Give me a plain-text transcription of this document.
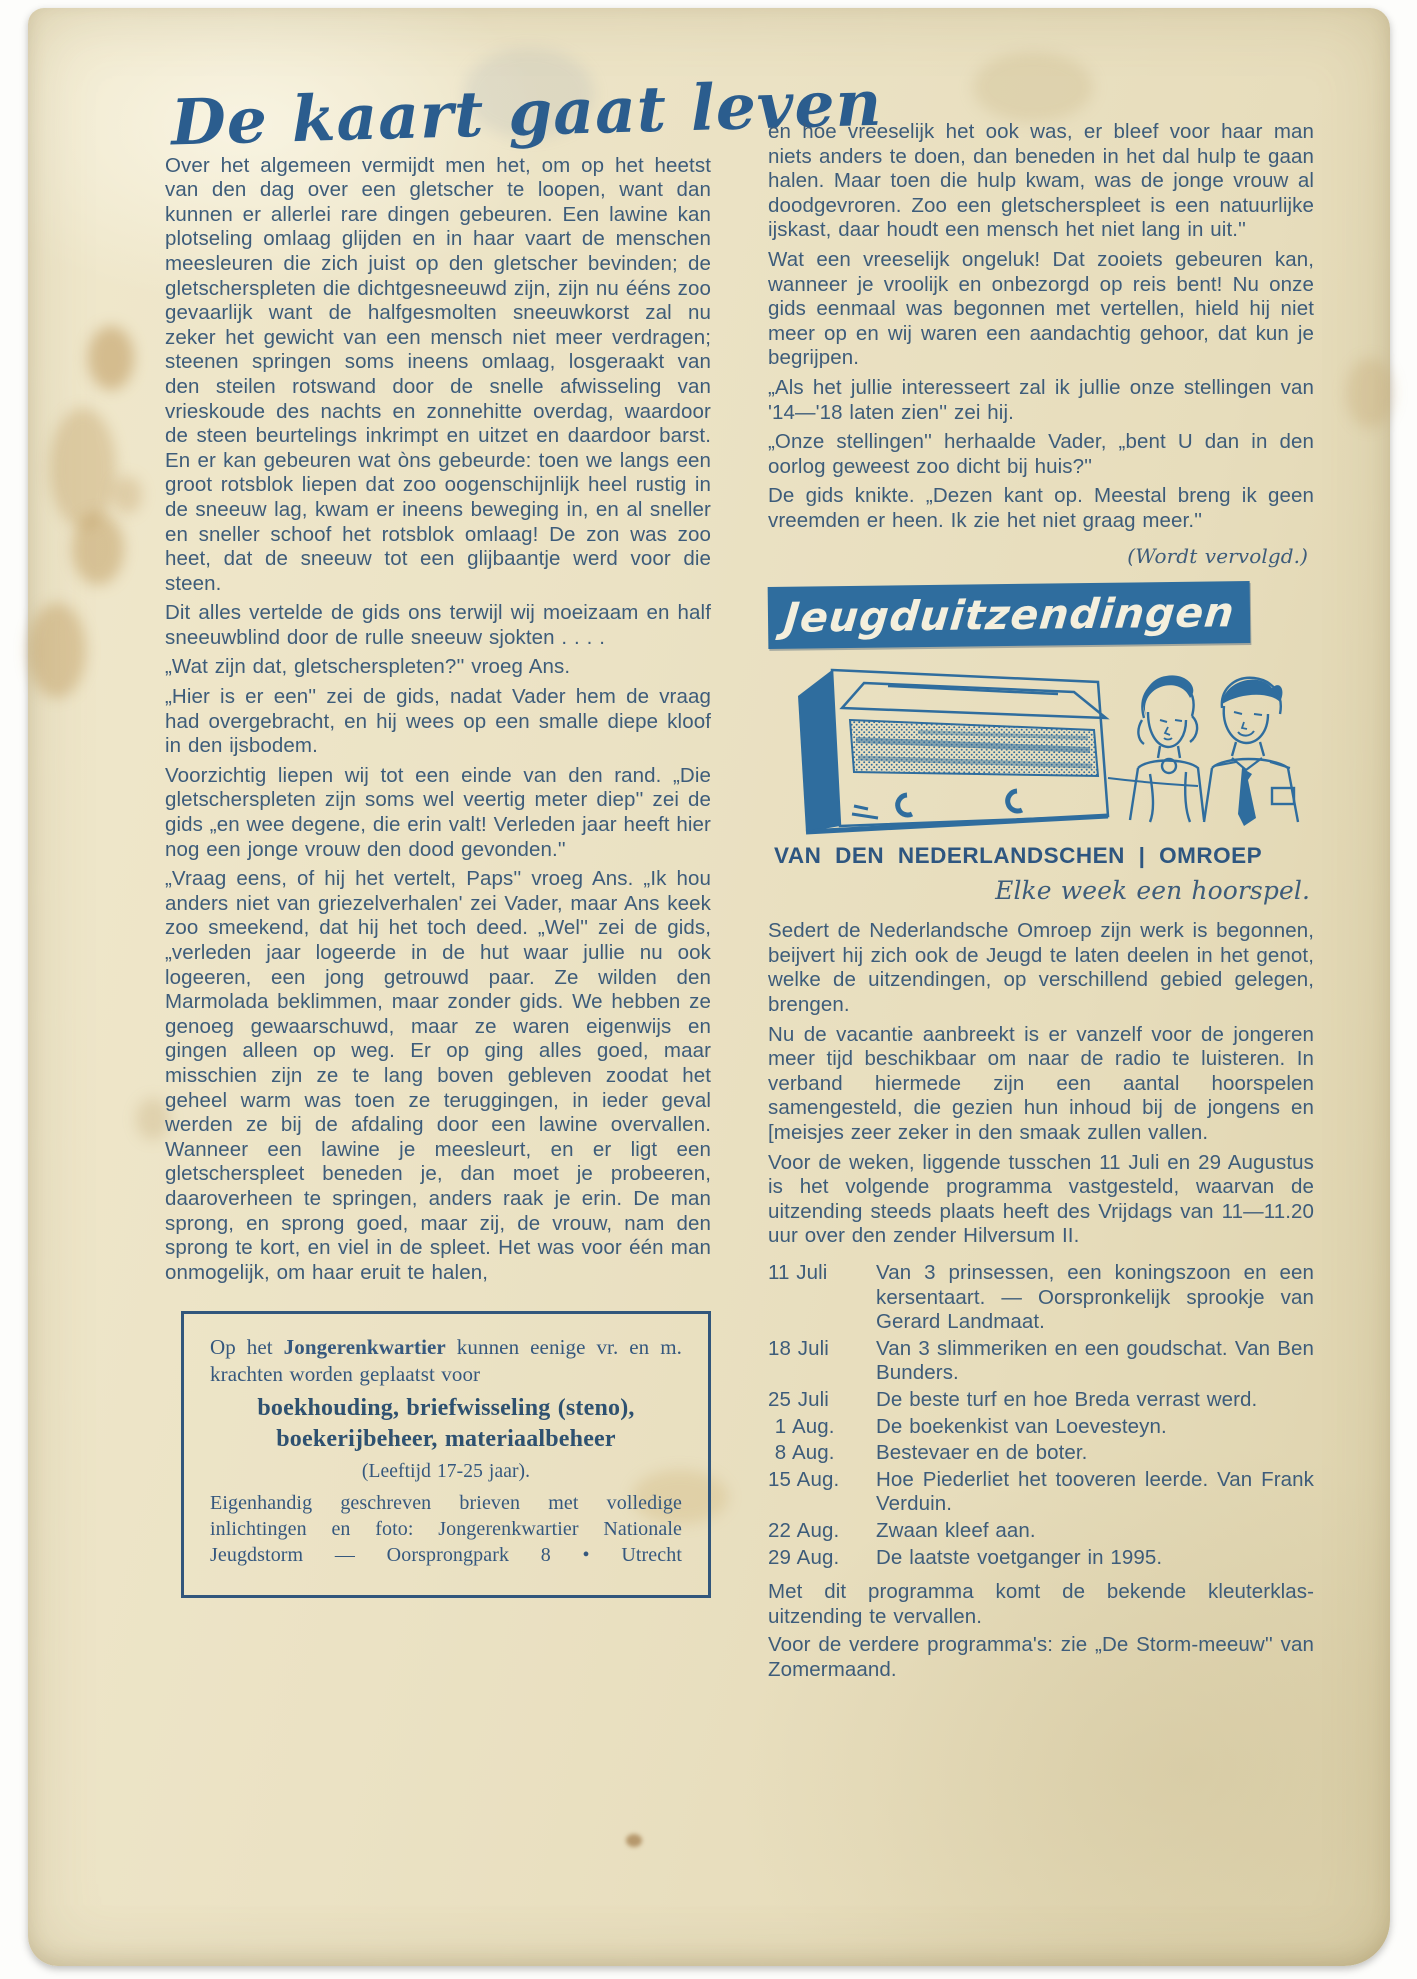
De kaart gaat leven

Over het algemeen vermijdt men het, om op het heetst van den dag over een gletscher te loopen, want dan kunnen er allerlei rare dingen gebeuren. Een lawine kan plotseling omlaag glijden en in haar vaart de menschen meesleuren die zich juist op den gletscher bevinden; de gletscherspleten die dichtgesneeuwd zijn, zijn nu ééns zoo gevaarlijk want de halfgesmolten sneeuwkorst zal nu zeker het gewicht van een mensch niet meer verdragen; steenen springen soms ineens omlaag, losgeraakt van den steilen rotswand door de snelle afwisseling van vrieskoude des nachts en zonnehitte overdag, waardoor de steen beurtelings inkrimpt en uitzet en daardoor barst. En er kan gebeuren wat òns gebeurde: toen we langs een groot rotsblok liepen dat zoo oogenschijnlijk heel rustig in de sneeuw lag, kwam er ineens beweging in, en al sneller en sneller schoof het rotsblok omlaag! De zon was zoo heet, dat de sneeuw tot een glijbaantje werd voor die steen.

Dit alles vertelde de gids ons terwijl wij moeizaam en half sneeuwblind door de rulle sneeuw sjokten . . . .

„Wat zijn dat, gletscherspleten?'' vroeg Ans.

„Hier is er een'' zei de gids, nadat Vader hem de vraag had overgebracht, en hij wees op een smalle diepe kloof in den ijsbodem.

Voorzichtig liepen wij tot een einde van den rand. „Die gletscherspleten zijn soms wel veertig meter diep'' zei de gids „en wee degene, die erin valt! Verleden jaar heeft hier nog een jonge vrouw den dood gevonden.''

„Vraag eens, of hij het vertelt, Paps'' vroeg Ans. „Ik hou anders niet van griezelverhalen' zei Vader, maar Ans keek zoo smeekend, dat hij het toch deed. „Wel'' zei de gids, „verleden jaar logeerde in de hut waar jullie nu ook logeeren, een jong getrouwd paar. Ze wilden den Marmolada beklimmen, maar zonder gids. We hebben ze genoeg gewaarschuwd, maar ze waren eigenwijs en gingen alleen op weg. Er op ging alles goed, maar misschien zijn ze te lang boven gebleven zoodat het geheel warm was toen ze teruggingen, in ieder geval werden ze bij de afdaling door een lawine overvallen. Wanneer een lawine je meesleurt, en er ligt een gletscherspleet beneden je, dan moet je probeeren, daaroverheen te springen, anders raak je erin. De man sprong, en sprong goed, maar zij, de vrouw, nam den sprong te kort, en viel in de spleet. Het was voor één man onmogelijk, om haar eruit te halen,

Op het Jongerenkwartier kunnen eenige vr. en m. krachten worden geplaatst voor

boekhouding, briefwisseling (steno),
boekerijbeheer, materiaalbeheer

(Leeftijd 17-25 jaar).

Eigenhandig geschreven brieven met volledige inlichtingen en foto: Jongerenkwartier Nationale Jeugdstorm — Oorsprongpark 8 • Utrecht

en hoe vreeselijk het ook was, er bleef voor haar man niets anders te doen, dan beneden in het dal hulp te gaan halen. Maar toen die hulp kwam, was de jonge vrouw al doodgevroren. Zoo een gletscherspleet is een natuurlijke ijskast, daar houdt een mensch het niet lang in uit.''

Wat een vreeselijk ongeluk! Dat zooiets gebeuren kan, wanneer je vroolijk en onbezorgd op reis bent! Nu onze gids eenmaal was begonnen met vertellen, hield hij niet meer op en wij waren een aandachtig gehoor, dat kun je begrijpen.

„Als het jullie interesseert zal ik jullie onze stellingen van '14—'18 laten zien'' zei hij.

„Onze stellingen'' herhaalde Vader, „bent U dan in den oorlog geweest zoo dicht bij huis?''

De gids knikte. „Dezen kant op. Meestal breng ik geen vreemden er heen. Ik zie het niet graag meer.''

(Wordt vervolgd.)
Jeugduitzendingen
VAN DEN NEDERLANDSCHEN | OMROEP
Elke week een hoorspel.

Sedert de Nederlandsche Omroep zijn werk is begonnen, beijvert hij zich ook de Jeugd te laten deelen in het genot, welke de uitzendingen, op verschillend gebied gelegen, brengen.

Nu de vacantie aanbreekt is er vanzelf voor de jongeren meer tijd beschikbaar om naar de radio te luisteren. In verband hiermede zijn een aantal hoorspelen samengesteld, die gezien hun inhoud bij de jongens en [meisjes zeer zeker in den smaak zullen vallen.

Voor de weken, liggende tusschen 11 Juli en 29 Augustus is het volgende programma vastgesteld, waarvan de uitzending steeds plaats heeft des Vrijdags van 11—11.20 uur over den zender Hilversum II.

11 Juli	Van 3 prinsessen, een koningszoon en een kersentaart. — Oorspronkelijk sprookje van Gerard Landmaat.
18 Juli	Van 3 slimmeriken en een goudschat. Van Ben Bunders.
25 Juli	De beste turf en hoe Breda verrast werd.
1 Aug.	De boekenkist van Loevesteyn.
8 Aug.	Bestevaer en de boter.
15 Aug.	Hoe Piederliet het tooveren leerde. Van Frank Verduin.
22 Aug.	Zwaan kleef aan.
29 Aug.	De laatste voetganger in 1995.

Met dit programma komt de bekende kleuterklas-uitzending te vervallen.

Voor de verdere programma's: zie „De Storm-meeuw'' van Zomermaand.
